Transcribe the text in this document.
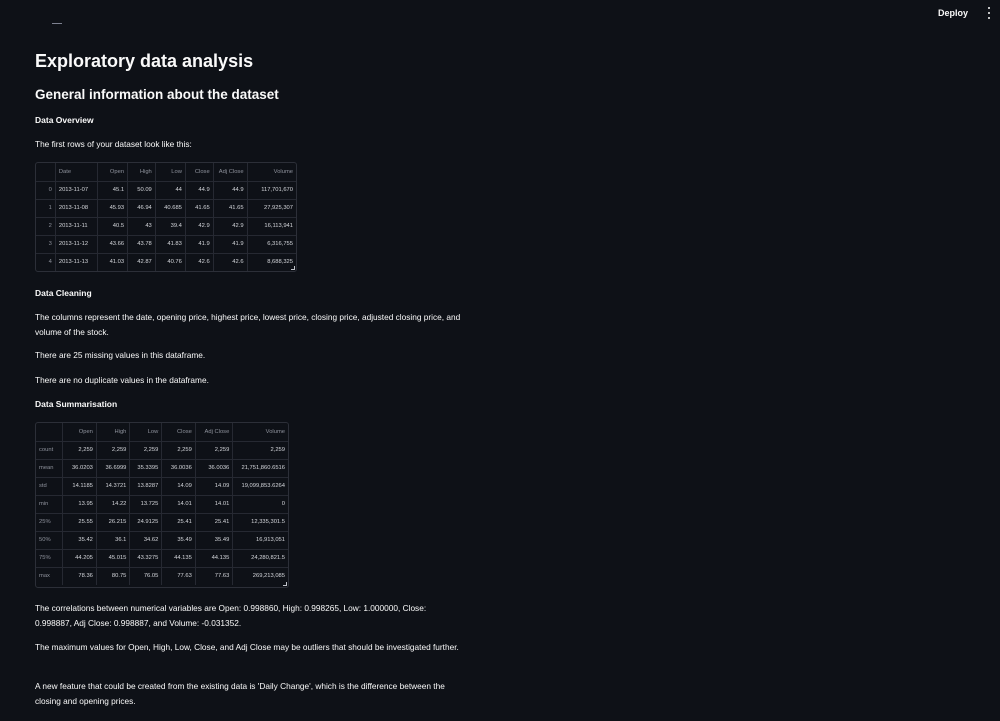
Deploy
Exploratory data analysis
General information about the dataset
Data Overview
The first rows of your dataset look like this:
	Date	Open	High	Low	Close	Adj Close	Volume
0	2013-11-07	45.1	50.09	44	44.9	44.9	117,701,670
1	2013-11-08	45.93	46.94	40.685	41.65	41.65	27,925,307
2	2013-11-11	40.5	43	39.4	42.9	42.9	16,113,941
3	2013-11-12	43.66	43.78	41.83	41.9	41.9	6,316,755
4	2013-11-13	41.03	42.87	40.76	42.6	42.6	8,688,325
Data Cleaning
The columns represent the date, opening price, highest price, lowest price, closing price, adjusted closing price, and volume of the stock.
There are 25 missing values in this dataframe.
There are no duplicate values in the dataframe.
Data Summarisation
	Open	High	Low	Close	Adj Close	Volume
count	2,259	2,259	2,259	2,259	2,259	2,259
mean	36.0203	36.6999	35.3395	36.0036	36.0036	21,751,860.6516
std	14.1185	14.3721	13.8287	14.09	14.09	19,099,853.6264
min	13.95	14.22	13.725	14.01	14.01	0
25%	25.55	26.215	24.9125	25.41	25.41	12,335,301.5
50%	35.42	36.1	34.62	35.49	35.49	16,913,051
75%	44.205	45.015	43.3275	44.135	44.135	24,280,821.5
max	78.36	80.75	76.05	77.63	77.63	269,213,085
The correlations between numerical variables are Open: 0.998860, High: 0.998265, Low: 1.000000, Close: 0.998887, Adj Close: 0.998887, and Volume: -0.031352.
The maximum values for Open, High, Low, Close, and Adj Close may be outliers that should be investigated further.
A new feature that could be created from the existing data is 'Daily Change', which is the difference between the closing and opening prices.
